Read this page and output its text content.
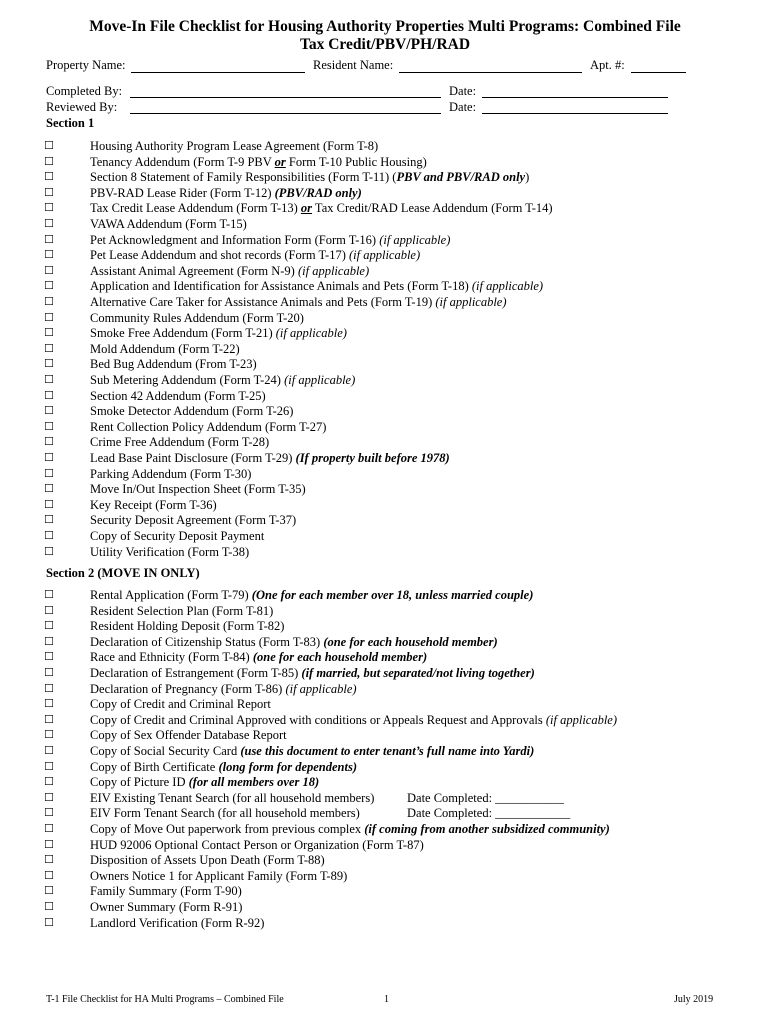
Move-In File Checklist for Housing Authority Properties Multi Programs: Combined File
Tax Credit/PBV/PH/RAD
Property Name:	Resident Name:	Apt. #:
Completed By:	Date:
Reviewed By:	Date:
Section 1
☐	Housing Authority Program Lease Agreement (Form T-8)
☐	Tenancy Addendum (Form T-9 PBV or Form T-10 Public Housing)
☐	Section 8 Statement of Family Responsibilities (Form T-11) (PBV and PBV/RAD only)
☐	PBV-RAD Lease Rider (Form T-12) (PBV/RAD only)
☐	Tax Credit Lease Addendum (Form T-13) or Tax Credit/RAD Lease Addendum (Form T-14)
☐	VAWA Addendum (Form T-15)
☐	Pet Acknowledgment and Information Form (Form T-16) (if applicable)
☐	Pet Lease Addendum and shot records (Form T-17) (if applicable)
☐	Assistant Animal Agreement (Form N-9) (if applicable)
☐	Application and Identification for Assistance Animals and Pets (Form T-18) (if applicable)
☐	Alternative Care Taker for Assistance Animals and Pets (Form T-19) (if applicable)
☐	Community Rules Addendum (Form T-20)
☐	Smoke Free Addendum (Form T-21) (if applicable)
☐	Mold Addendum (Form T-22)
☐	Bed Bug Addendum (From T-23)
☐	Sub Metering Addendum (Form T-24) (if applicable)
☐	Section 42 Addendum (Form T-25)
☐	Smoke Detector Addendum (Form T-26)
☐	Rent Collection Policy Addendum (Form T-27)
☐	Crime Free Addendum (Form T-28)
☐	Lead Base Paint Disclosure (Form T-29) (If property built before 1978)
☐	Parking Addendum (Form T-30)
☐	Move In/Out Inspection Sheet (Form T-35)
☐	Key Receipt (Form T-36)
☐	Security Deposit Agreement (Form T-37)
☐	Copy of Security Deposit Payment
☐	Utility Verification (Form T-38)
Section 2 (MOVE IN ONLY)
☐	Rental Application (Form T-79) (One for each member over 18, unless married couple)
☐	Resident Selection Plan (Form T-81)
☐	Resident Holding Deposit (Form T-82)
☐	Declaration of Citizenship Status (Form T-83) (one for each household member)
☐	Race and Ethnicity (Form T-84) (one for each household member)
☐	Declaration of Estrangement (Form T-85) (if married, but separated/not living together)
☐	Declaration of Pregnancy (Form T-86) (if applicable)
☐	Copy of Credit and Criminal Report
☐	Copy of Credit and Criminal Approved with conditions or Appeals Request and Approvals (if applicable)
☐	Copy of Sex Offender Database Report
☐	Copy of Social Security Card (use this document to enter tenant’s full name into Yardi)
☐	Copy of Birth Certificate (long form for dependents)
☐	Copy of Picture ID (for all members over 18)
☐	EIV Existing Tenant Search (for all household members)	Date Completed: ___________
☐	EIV Form Tenant Search (for all household members)	Date Completed: ____________
☐	Copy of Move Out paperwork from previous complex (if coming from another subsidized community)
☐	HUD 92006 Optional Contact Person or Organization (Form T-87)
☐	Disposition of Assets Upon Death (Form T-88)
☐	Owners Notice 1 for Applicant Family (Form T-89)
☐	Family Summary (Form T-90)
☐	Owner Summary (Form R-91)
☐	Landlord Verification (Form R-92)
T-1 File Checklist for HA Multi Programs – Combined File	1	July 2019
